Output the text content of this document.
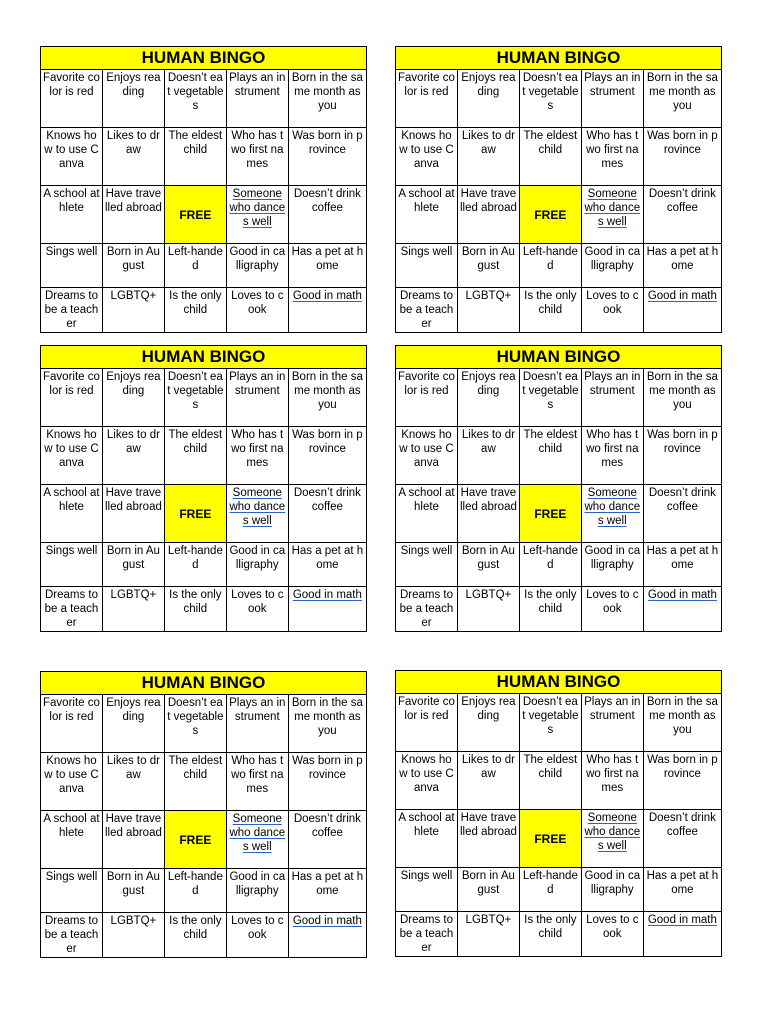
HUMAN BINGO				
Favorite color is red	Enjoys reading	Doesn’t eat vegetables	Plays an instrument	Born in the same month as you
Knows how to use Canva	Likes to draw	The eldest child	Who has two first names	Was born in province
A school athlete	Have travelled abroad	FREE	Someone who dances well	Doesn’t drink coffee
Sings well	Born in August	Left-handed	Good in calligraphy	Has a pet at home
Dreams to be a teacher	LGBTQ+	Is the only child	Loves to cook	Good in math
HUMAN BINGO				
Favorite color is red	Enjoys reading	Doesn’t eat vegetables	Plays an instrument	Born in the same month as you
Knows how to use Canva	Likes to draw	The eldest child	Who has two first names	Was born in province
A school athlete	Have travelled abroad	FREE	Someone who dances well	Doesn’t drink coffee
Sings well	Born in August	Left-handed	Good in calligraphy	Has a pet at home
Dreams to be a teacher	LGBTQ+	Is the only child	Loves to cook	Good in math
HUMAN BINGO				
Favorite color is red	Enjoys reading	Doesn’t eat vegetables	Plays an instrument	Born in the same month as you
Knows how to use Canva	Likes to draw	The eldest child	Who has two first names	Was born in province
A school athlete	Have travelled abroad	FREE	Someone who dances well	Doesn’t drink coffee
Sings well	Born in August	Left-handed	Good in calligraphy	Has a pet at home
Dreams to be a teacher	LGBTQ+	Is the only child	Loves to cook	Good in math
HUMAN BINGO				
Favorite color is red	Enjoys reading	Doesn’t eat vegetables	Plays an instrument	Born in the same month as you
Knows how to use Canva	Likes to draw	The eldest child	Who has two first names	Was born in province
A school athlete	Have travelled abroad	FREE	Someone who dances well	Doesn’t drink coffee
Sings well	Born in August	Left-handed	Good in calligraphy	Has a pet at home
Dreams to be a teacher	LGBTQ+	Is the only child	Loves to cook	Good in math
HUMAN BINGO				
Favorite color is red	Enjoys reading	Doesn’t eat vegetables	Plays an instrument	Born in the same month as you
Knows how to use Canva	Likes to draw	The eldest child	Who has two first names	Was born in province
A school athlete	Have travelled abroad	FREE	Someone who dances well	Doesn’t drink coffee
Sings well	Born in August	Left-handed	Good in calligraphy	Has a pet at home
Dreams to be a teacher	LGBTQ+	Is the only child	Loves to cook	Good in math
HUMAN BINGO				
Favorite color is red	Enjoys reading	Doesn’t eat vegetables	Plays an instrument	Born in the same month as you
Knows how to use Canva	Likes to draw	The eldest child	Who has two first names	Was born in province
A school athlete	Have travelled abroad	FREE	Someone who dances well	Doesn’t drink coffee
Sings well	Born in August	Left-handed	Good in calligraphy	Has a pet at home
Dreams to be a teacher	LGBTQ+	Is the only child	Loves to cook	Good in math
